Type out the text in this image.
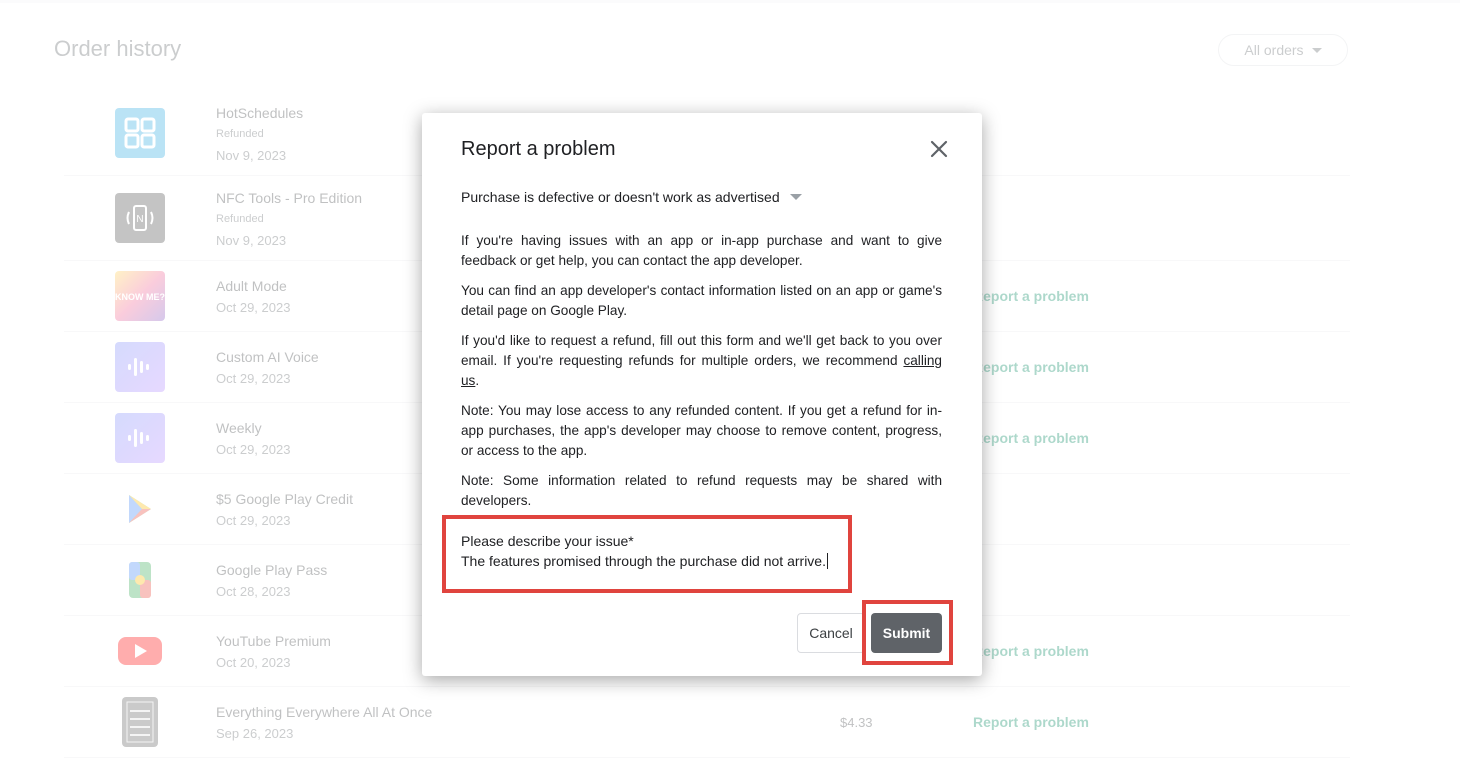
Report a problem
Purchase is defective or doesn't work as advertised

If you're having issues with an app or in-app purchase and want to give feedback or get help, you can contact the app developer.

You can find an app developer's contact information listed on an app or game's detail page on Google Play.

If you'd like to request a refund, fill out this form and we'll get back to you over email. If you're requesting refunds for multiple orders, we recommend calling us.

Note: You may lose access to any refunded content. If you get a refund for in-app purchases, the app's developer may choose to remove content, progress, or access to the app.

Note: Some information related to refund requests may be shared with developers.

Please describe your issue*
The features promised through the purchase did not arrive.
Cancel	Submit
